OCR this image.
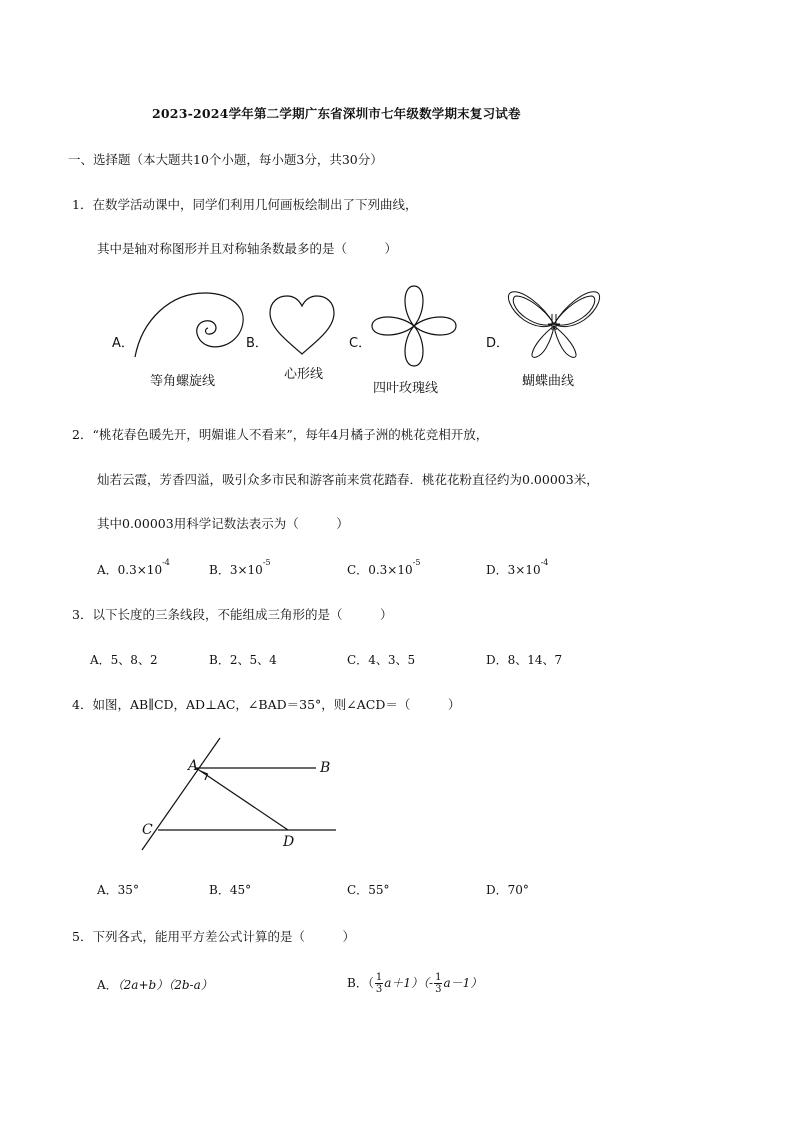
2023-2024学年第二学期广东省深圳市七年级数学期末复习试卷
一、选择题（本大题共10个小题，每小题3分，共30分）
1．在数学活动课中，同学们利用几何画板绘制出了下列曲线，
其中是轴对称图形并且对称轴条数最多的是（　　　）
A．	B．	C．	D．
等角螺旋线	心形线
四叶玫瑰线	蝴蝶曲线
2．“桃花春色暖先开，明媚谁人不看来”，每年4月橘子洲的桃花竞相开放，
灿若云霞，芳香四溢，吸引众多市民和游客前来赏花踏春．桃花花粉直径约为0.00003米，
其中0.00003用科学记数法表示为（　　　）
A．$0.3\times 10^{-4}$
B．$3\times 10^{-5}$
C．$0.3\times 10^{-5}$
D．$3\times 10^{-4}$
3．以下长度的三条线段，不能组成三角形的是（　　　）
A．5、8、2	B．2、5、4	C．4、3、5	D．8、14、7
4．如图，AB∥CD，AD⊥AC，∠BAD＝35°，则∠ACD＝（　　　）
A	B
C
D
A．35°	B．45°	C．55°	D．70°
5．下列各式，能用平方差公式计算的是（　　　）
A．（2a+b）（2b-a）	B．（ $\frac{1}{3} a+1)(- \frac{1}{3} a-1)$
